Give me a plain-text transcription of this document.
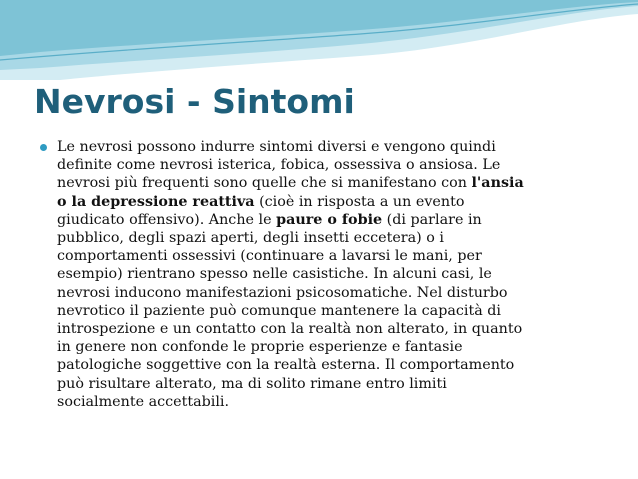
Nevrosi - Sintomi

Le nevrosi possono indurre sintomi diversi e vengono quindi
definite come nevrosi isterica, fobica, ossessiva o ansiosa. Le
nevrosi più frequenti sono quelle che si manifestano con l'ansia
o la depressione reattiva (cioè in risposta a un evento
giudicato offensivo). Anche le paure o fobie (di parlare in
pubblico, degli spazi aperti, degli insetti eccetera) o i
comportamenti ossessivi (continuare a lavarsi le mani, per
esempio) rientrano spesso nelle casistiche. In alcuni casi, le
nevrosi inducono manifestazioni psicosomatiche. Nel disturbo
nevrotico il paziente può comunque mantenere la capacità di
introspezione e un contatto con la realtà non alterato, in quanto
in genere non confonde le proprie esperienze e fantasie
patologiche soggettive con la realtà esterna. Il comportamento
può risultare alterato, ma di solito rimane entro limiti
socialmente accettabili.
